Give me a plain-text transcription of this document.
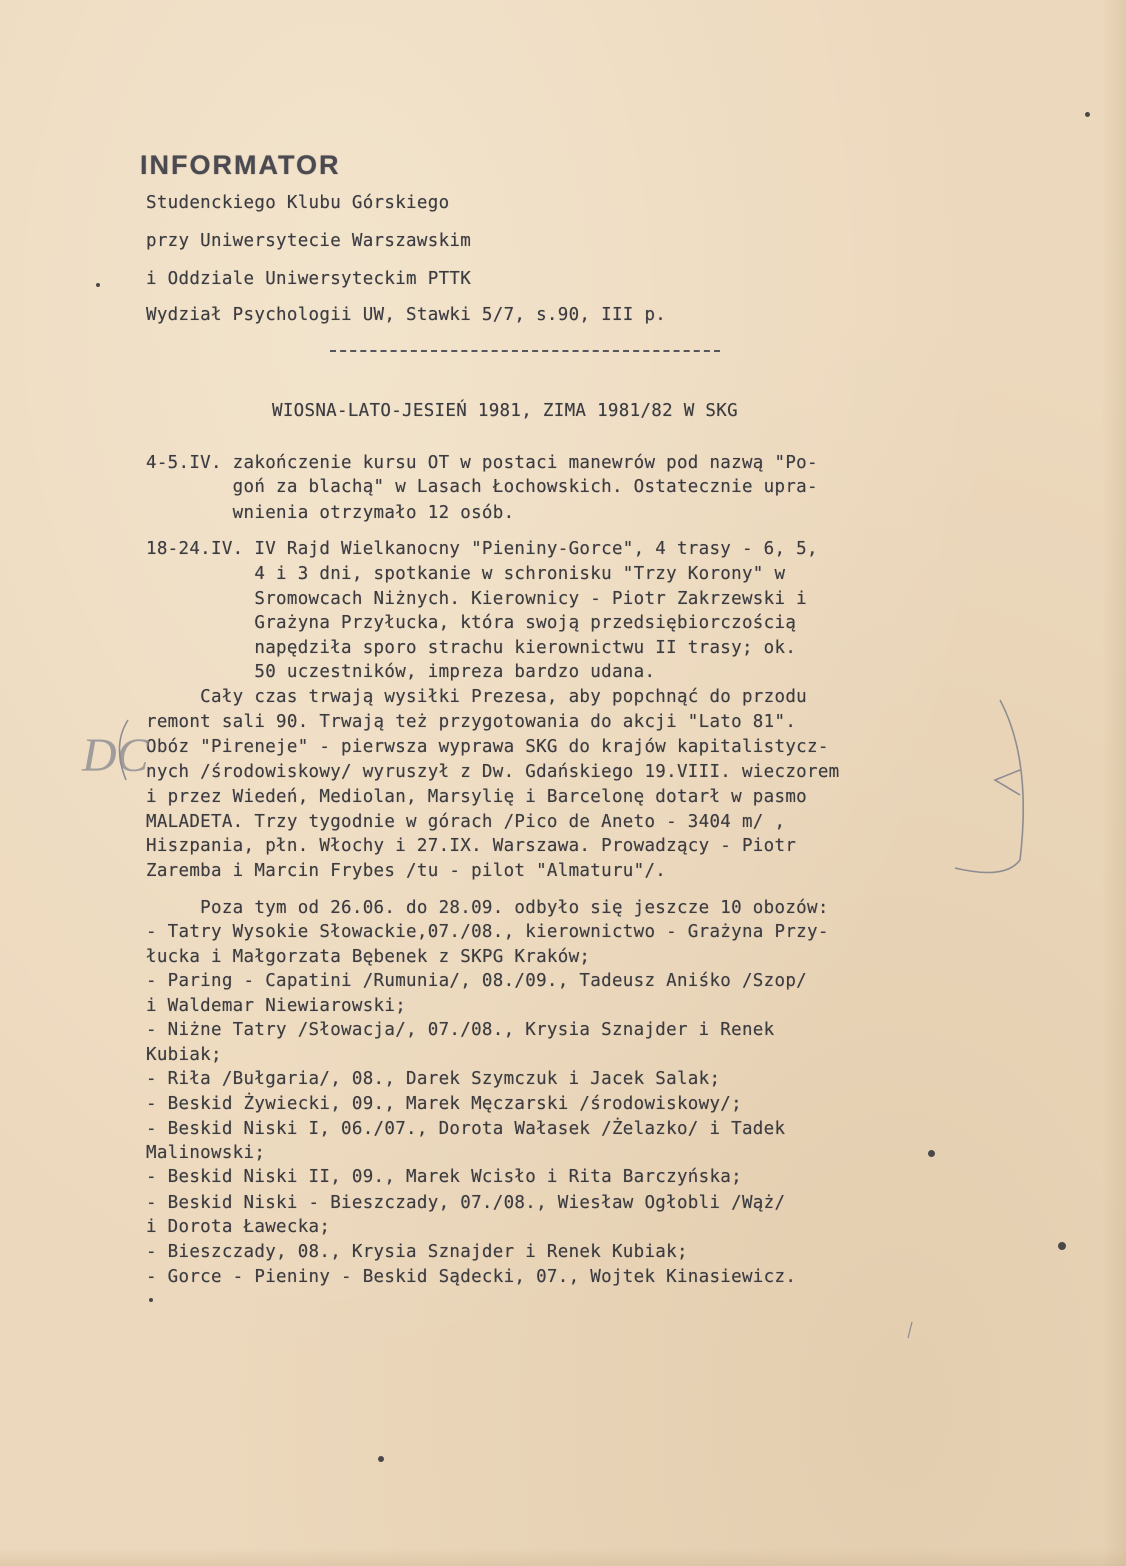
INFORMATOR
Studenckiego Klubu Górskiego
przy Uniwersytecie Warszawskim
i Oddziale Uniwersyteckim PTTK
Wydział Psychologii UW, Stawki 5/7, s.90, III p.
WIOSNA-LATO-JESIEŃ 1981, ZIMA 1981/82 W SKG
4-5.IV. zakończenie kursu OT w postaci manewrów pod nazwą "Po-
goń za blachą" w Lasach Łochowskich. Ostatecznie upra-
wnienia otrzymało 12 osób.
18-24.IV. IV Rajd Wielkanocny "Pieniny-Gorce", 4 trasy - 6, 5,
4 i 3 dni, spotkanie w schronisku "Trzy Korony" w
Sromowcach Niżnych. Kierownicy - Piotr Zakrzewski i
Grażyna Przyłucka, która swoją przedsiębiorczością
napędziła sporo strachu kierownictwu II trasy; ok.
50 uczestników, impreza bardzo udana.
Cały czas trwają wysiłki Prezesa, aby popchnąć do przodu
remont sali 90. Trwają też przygotowania do akcji "Lato 81".
Obóz "Pireneje" - pierwsza wyprawa SKG do krajów kapitalistycz-
nych /środowiskowy/ wyruszył z Dw. Gdańskiego 19.VIII. wieczorem
i przez Wiedeń, Mediolan, Marsylię i Barcelonę dotarł w pasmo
MALADETA. Trzy tygodnie w górach /Pico de Aneto - 3404 m/ ,
Hiszpania, płn. Włochy i 27.IX. Warszawa. Prowadzący - Piotr
Zaremba i Marcin Frybes /tu - pilot "Almaturu"/.
Poza tym od 26.06. do 28.09. odbyło się jeszcze 10 obozów:
- Tatry Wysokie Słowackie,07./08., kierownictwo - Grażyna Przy-
łucka i Małgorzata Bębenek z SKPG Kraków;
- Paring - Capatini /Rumunia/, 08./09., Tadeusz Aniśko /Szop/
i Waldemar Niewiarowski;
- Niżne Tatry /Słowacja/, 07./08., Krysia Sznajder i Renek
Kubiak;
- Riła /Bułgaria/, 08., Darek Szymczuk i Jacek Salak;
- Beskid Żywiecki, 09., Marek Męczarski /środowiskowy/;
- Beskid Niski I, 06./07., Dorota Wałasek /Żelazko/ i Tadek
Malinowski;
- Beskid Niski II, 09., Marek Wcisło i Rita Barczyńska;
- Beskid Niski - Bieszczady, 07./08., Wiesław Ogłobli /Wąż/
i Dorota Ławecka;
- Bieszczady, 08., Krysia Sznajder i Renek Kubiak;
- Gorce - Pieniny - Beskid Sądecki, 07., Wojtek Kinasiewicz.
DC
